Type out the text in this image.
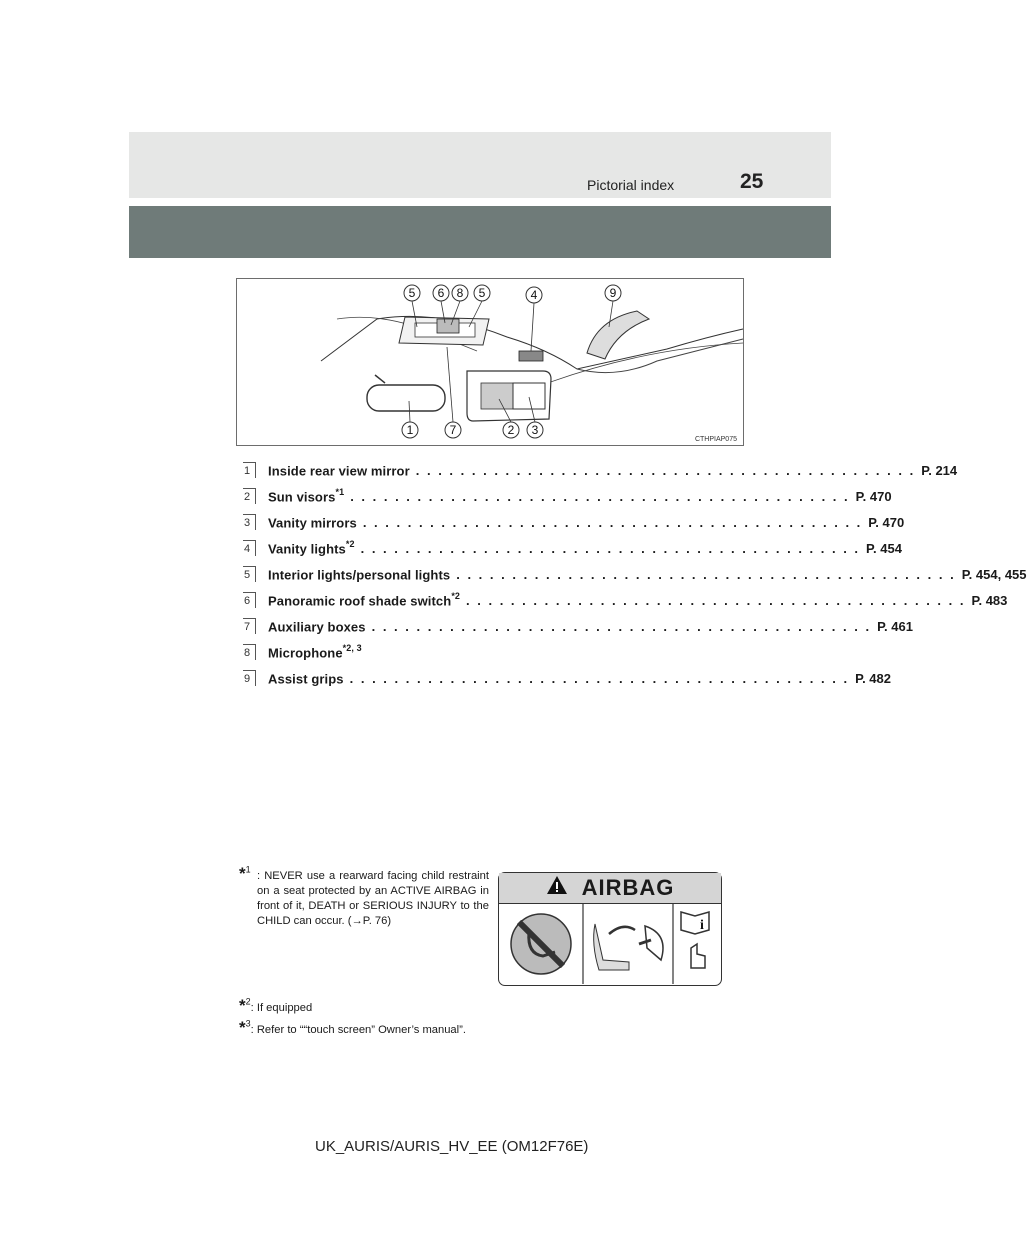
Pictorial index	25
5 6 8 5	4	9
1	7	2 3
CTHPIAP075
1	Inside rear view mirror . . . . . . . . . . . . . . . . . . . . . . . . . . . . . . . . . . . . . . . . . . . . . P. 214
2	Sun visors$^{*1}$ . . . . . . . . . . . . . . . . . . . . . . . . . . . . . . . . . . . . . . . . . . . . . P. 470
3	Vanity mirrors . . . . . . . . . . . . . . . . . . . . . . . . . . . . . . . . . . . . . . . . . . . . . P. 470
4	Vanity lights$^{*2}$ . . . . . . . . . . . . . . . . . . . . . . . . . . . . . . . . . . . . . . . . . . . . . P. 454
5	Interior lights/personal lights . . . . . . . . . . . . . . . . . . . . . . . . . . . . . . . . . . . . . . . . . . . . . P. 454, 455
6	Panoramic roof shade switch$^{*2}$ . . . . . . . . . . . . . . . . . . . . . . . . . . . . . . . . . . . . . . . . . . . . . P. 483
7	Auxiliary boxes . . . . . . . . . . . . . . . . . . . . . . . . . . . . . . . . . . . . . . . . . . . . . P. 461
8	Microphone$^{*2, 3}$
9	Assist grips . . . . . . . . . . . . . . . . . . . . . . . . . . . . . . . . . . . . . . . . . . . . . P. 482
*$^1$
: NEVER use a rearward facing child restraint on a seat protected by an ACTIVE AIRBAG in front of it, DEATH or SERIOUS INJURY to the CHILD can occur. (→P. 76)
*$^2$: If equipped
*$^3$: Refer to ““touch screen” Owner’s manual”.
AIRBAG
i
UK_AURIS/AURIS_HV_EE (OM12F76E)
